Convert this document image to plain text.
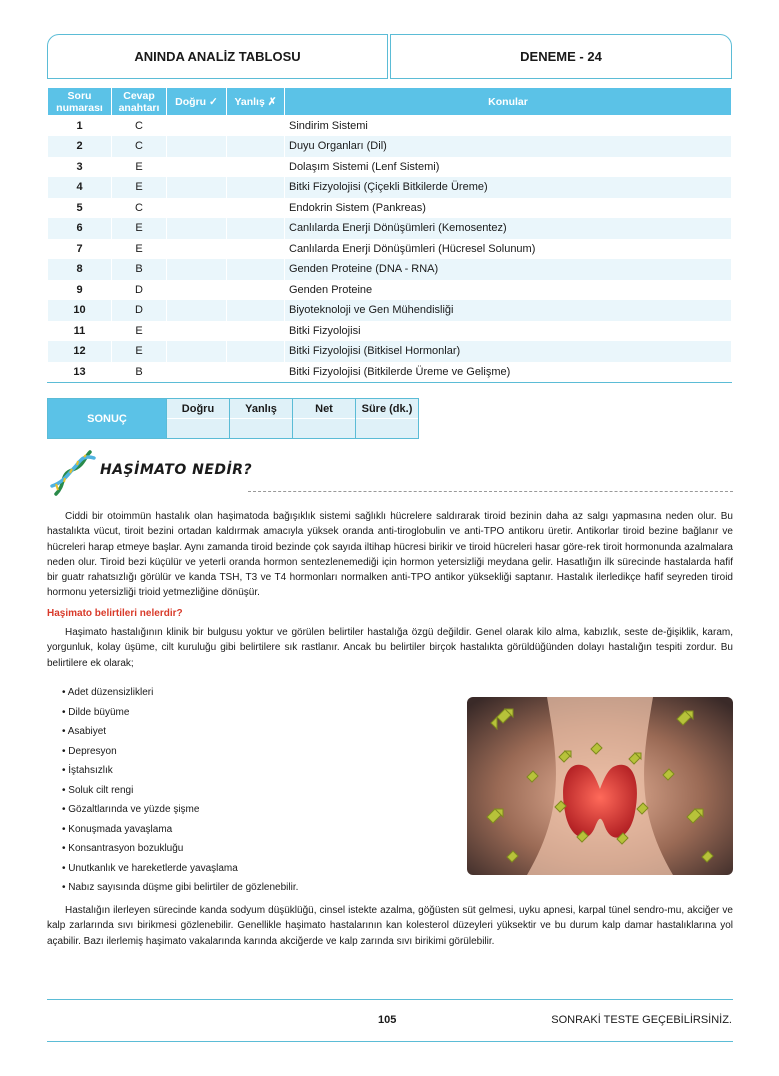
ANINDA ANALİZ TABLOSU	DENEME - 24
Soru
numarası	Cevap
anahtarı	Doğru ✓	Yanlış ✗	Konular
1	C			Sindirim Sistemi
2	C			Duyu Organları (Dil)
3	E			Dolaşım Sistemi (Lenf Sistemi)
4	E			Bitki Fizyolojisi (Çiçekli Bitkilerde Üreme)
5	C			Endokrin Sistem (Pankreas)
6	E			Canlılarda Enerji Dönüşümleri (Kemosentez)
7	E			Canlılarda Enerji Dönüşümleri (Hücresel Solunum)
8	B			Genden Proteine (DNA - RNA)
9	D			Genden Proteine
10	D			Biyoteknoloji ve Gen Mühendisliği
11	E			Bitki Fizyolojisi
12	E			Bitki Fizyolojisi (Bitkisel Hormonlar)
13	B			Bitki Fizyolojisi (Bitkilerde Üreme ve Gelişme)
SONUÇ
Doğru	Yanlış	Net	Süre (dk.)
HAŞİMATO NEDİR?

Ciddi bir otoimmün hastalık olan haşimatoda bağışıklık sistemi sağlıklı hücrelere saldırarak tiroid bezinin daha az salgı yapmasına neden olur. Bu hastalıkta vücut, tiroit bezini ortadan kaldırmak amacıyla yüksek oranda anti-tiroglobulin ve anti-TPO antikoru üretir. Antikorlar tiroid bezine bağlanır ve hücreleri harap etmeye başlar. Aynı zamanda tiroid bezinde çok sayıda iltihap hücresi birikir ve tiroid hücreleri hasar göre-rek tiroit hormonunda azalmalara neden olur. Tiroid bezi küçülür ve yeterli oranda hormon sentezlenemediği için hormon yetersizliği meydana gelir. Hasatlığın ilk sürecinde hastalarda hafif bir guatr rahatsızlığı görülür ve kanda TSH, T3 ve T4 hormonları normalken anti-TPO antikor yüksekliği saptanır. Hastalık ilerledikçe hafif seyreden tiroid hormonu yetersizliği trioid yetmezliğine dönüşür.

Haşimato belirtileri nelerdir?

Haşimato hastalığının klinik bir bulgusu yoktur ve görülen belirtiler hastalığa özgü değildir. Genel olarak kilo alma, kabızlık, seste de-ğişiklik, karam, yorgunluk, kolay üşüme, cilt kuruluğu gibi belirtilere sık rastlanır. Ancak bu belirtiler birçok hastalıkta görüldüğünden dolayı hastalığın tespiti zordur. Bu belirtilere ek olarak;

• Adet düzensizlikleri
• Dilde büyüme
• Asabiyet
• Depresyon
• İştahsızlık
• Soluk cilt rengi
• Gözaltlarında ve yüzde şişme
• Konuşmada yavaşlama
• Konsantrasyon bozukluğu
• Unutkanlık ve hareketlerde yavaşlama
• Nabız sayısında düşme gibi belirtiler de gözlenebilir.

Hastalığın ilerleyen sürecinde kanda sodyum düşüklüğü, cinsel istekte azalma, göğüsten süt gelmesi, uyku apnesi, karpal tünel sendro-mu, akciğer ve kalp zarlarında sıvı birikmesi gözlenebilir. Genellikle haşimato hastalarının kan kolesterol düzeyleri yüksektir ve bu durum kalp damar hastalıklarına yol açabilir. Bazı ilerlemiş haşimato vakalarında karında akciğerde ve kalp zarında sıvı birikimi görülebilir.

105	SONRAKİ TESTE GEÇEBİLİRSİNİZ.
